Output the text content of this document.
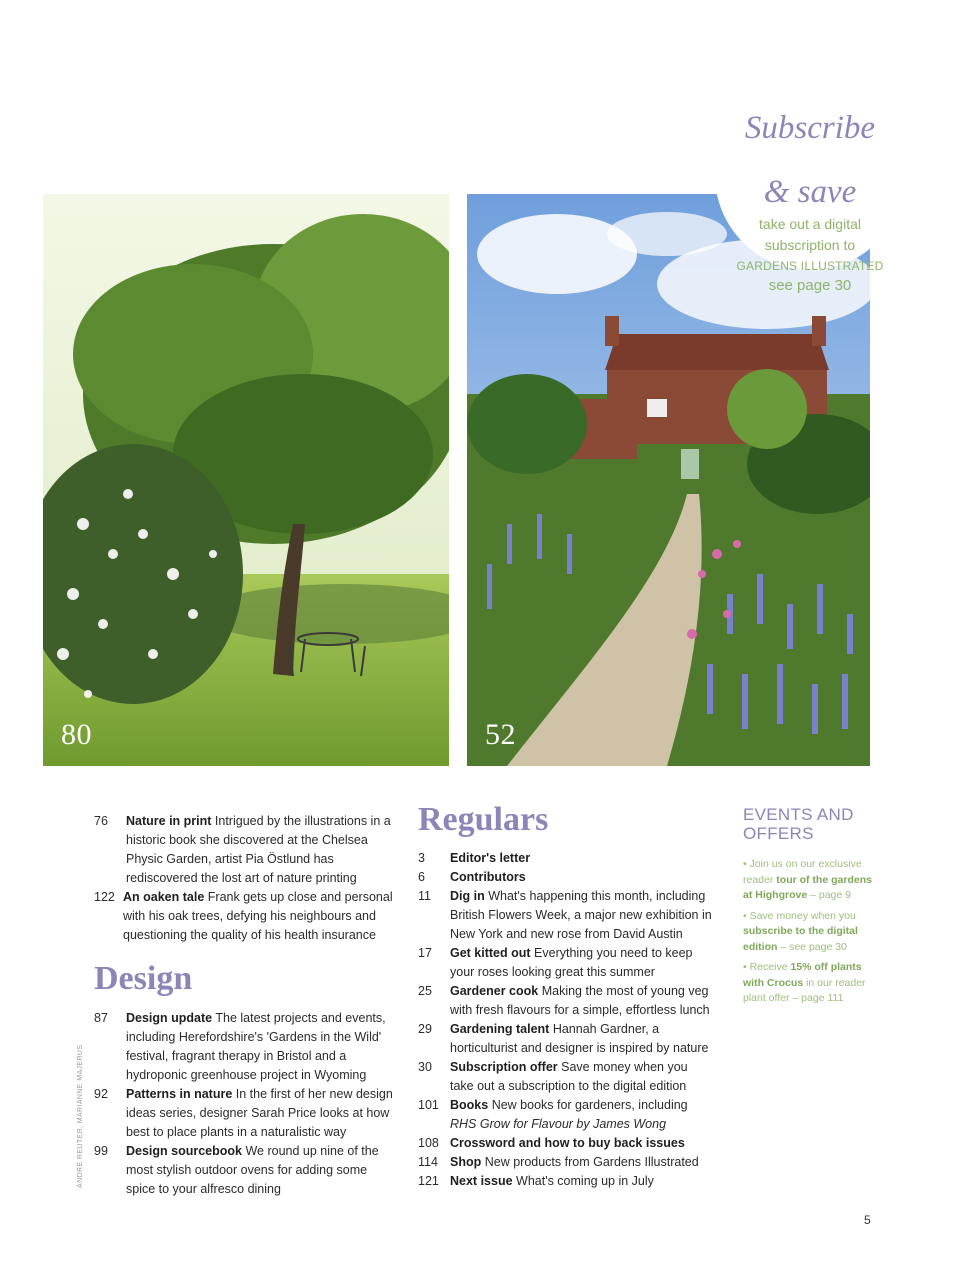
80	52
Subscribe
& save
take out a digital
subscription to
GARDENS ILLUSTRATED
see page 30
76 Nature in print Intrigued by the illustrations in a
historic book she discovered at the Chelsea
Physic Garden, artist Pia Östlund has
rediscovered the lost art of nature printing
122 An oaken tale Frank gets up close and personal
with his oak trees, defying his neighbours and
questioning the quality of his health insurance
Design
87 Design update The latest projects and events,
including Herefordshire's 'Gardens in the Wild'
festival, fragrant therapy in Bristol and a
hydroponic greenhouse project in Wyoming
92 Patterns in nature In the first of her new design
ideas series, designer Sarah Price looks at how
best to place plants in a naturalistic way
99 Design sourcebook We round up nine of the
most stylish outdoor ovens for adding some
spice to your alfresco dining
Regulars
3 Editor's letter
6 Contributors
11 Dig in What's happening this month, including
British Flowers Week, a major new exhibition in
New York and new rose from David Austin
17 Get kitted out Everything you need to keep
your roses looking great this summer
25 Gardener cook Making the most of young veg
with fresh flavours for a simple, effortless lunch
29 Gardening talent Hannah Gardner, a
horticulturist and designer is inspired by nature
30 Subscription offer Save money when you
take out a subscription to the digital edition
101 Books New books for gardeners, including
RHS Grow for Flavour by James Wong
108 Crossword and how to buy back issues
114 Shop New products from Gardens Illustrated
121 Next issue What's coming up in July
EVENTS AND
OFFERS
• Join us on our exclusive reader tour of the gardens at Highgrove – page 9
• Save money when you subscribe to the digital edition – see page 30
• Receive 15% off plants with Crocus in our reader plant offer – page 111
ANDRÉ REUTER, MARIANNE MAJERUS
5
